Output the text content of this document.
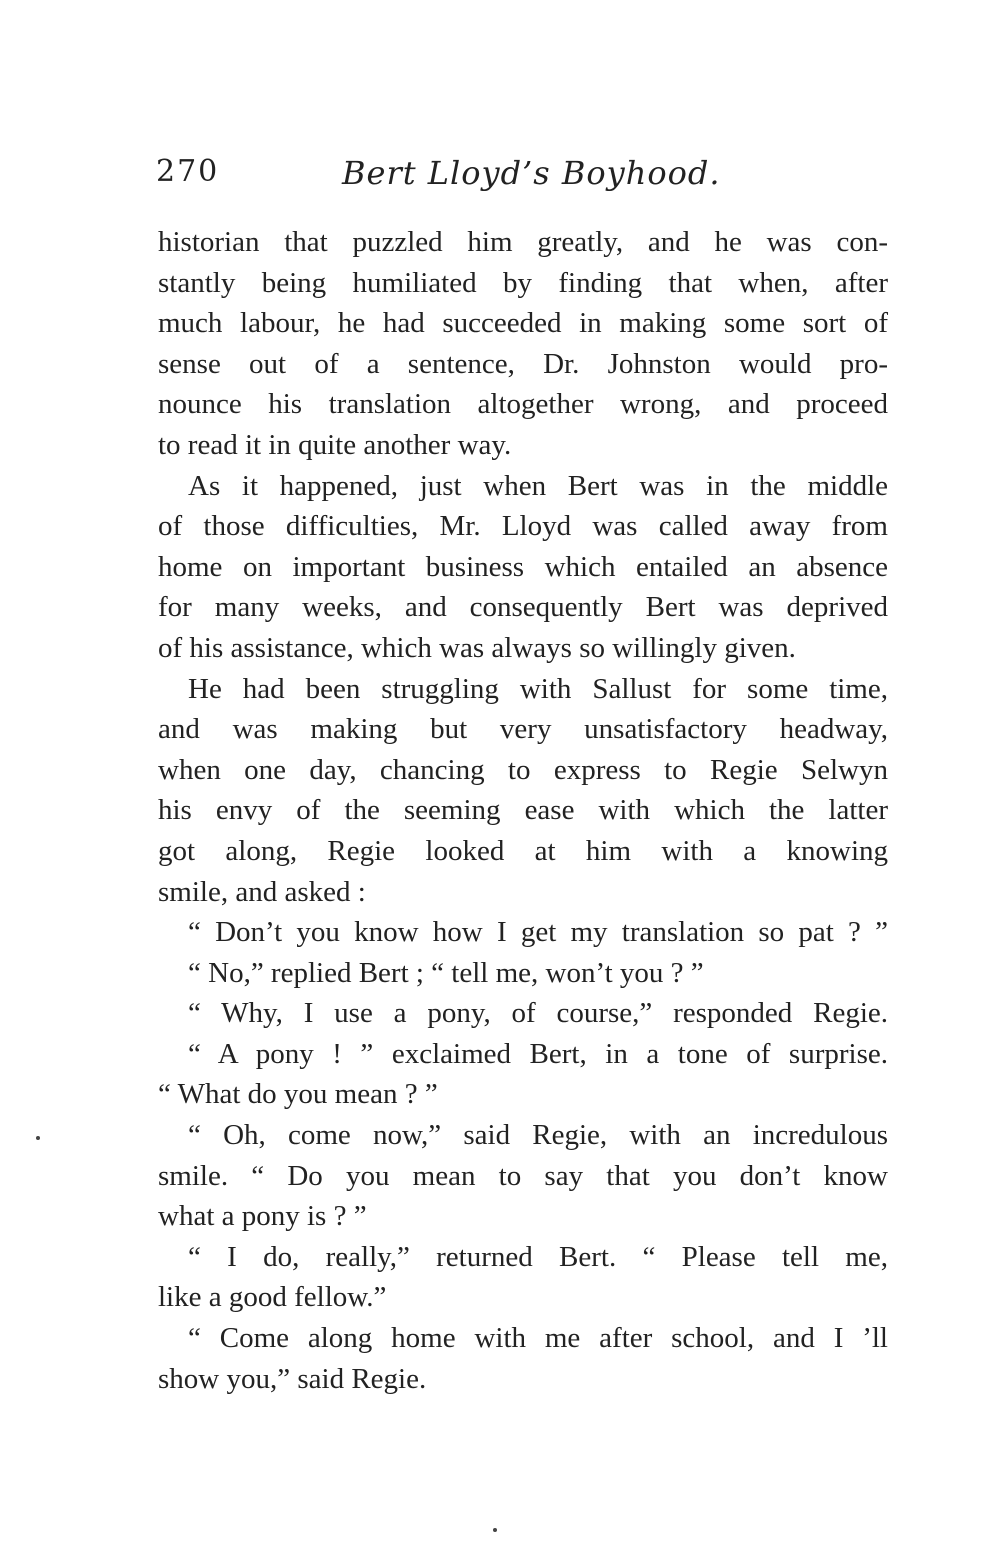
270	Bert Lloyd’s Boyhood.
historian that puzzled him greatly, and he was con-
stantly being humiliated by finding that when, after
much labour, he had succeeded in making some sort of
sense out of a sentence, Dr. Johnston would pro-
nounce his translation altogether wrong, and proceed
to read it in quite another way.
As it happened, just when Bert was in the middle
of those difficulties, Mr. Lloyd was called away from
home on important business which entailed an absence
for many weeks, and consequently Bert was deprived
of his assistance, which was always so willingly given.
He had been struggling with Sallust for some time,
and was making but very unsatisfactory headway,
when one day, chancing to express to Regie Selwyn
his envy of the seeming ease with which the latter
got along, Regie looked at him with a knowing
smile, and asked :
“ Don’t you know how I get my translation so pat ? ”
“ No,” replied Bert ; “ tell me, won’t you ? ”
“ Why, I use a pony, of course,” responded Regie.
“ A pony ! ” exclaimed Bert, in a tone of surprise.
“ What do you mean ? ”
“ Oh, come now,” said Regie, with an incredulous
smile. “ Do you mean to say that you don’t know
what a pony is ? ”
“ I do, really,” returned Bert. “ Please tell me,
like a good fellow.”
“ Come along home with me after school, and I ’ll
show you,” said Regie.
